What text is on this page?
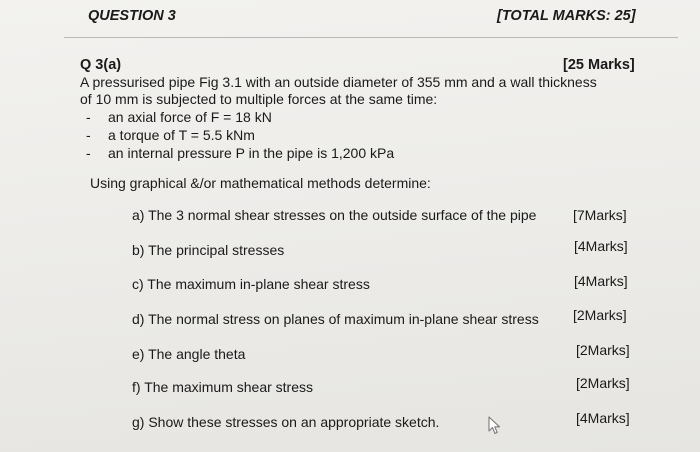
QUESTION 3	[TOTAL MARKS: 25]
Q 3(a)	[25 Marks]
A pressurised pipe Fig 3.1 with an outside diameter of 355 mm and a wall thickness
of 10 mm is subjected to multiple forces at the same time:
- an axial force of F = 18 kN
- a torque of T = 5.5 kNm
- an internal pressure P in the pipe is 1,200 kPa
Using graphical &/or mathematical methods determine:
a) The 3 normal shear stresses on the outside surface of the pipe	[7Marks]
b) The principal stresses	[4Marks]
c) The maximum in-plane shear stress	[4Marks]
d) The normal stress on planes of maximum in-plane shear stress [2Marks]
e) The angle theta	[2Marks]
f) The maximum shear stress	[2Marks]
g) Show these stresses on an appropriate sketch.	[4Marks]
